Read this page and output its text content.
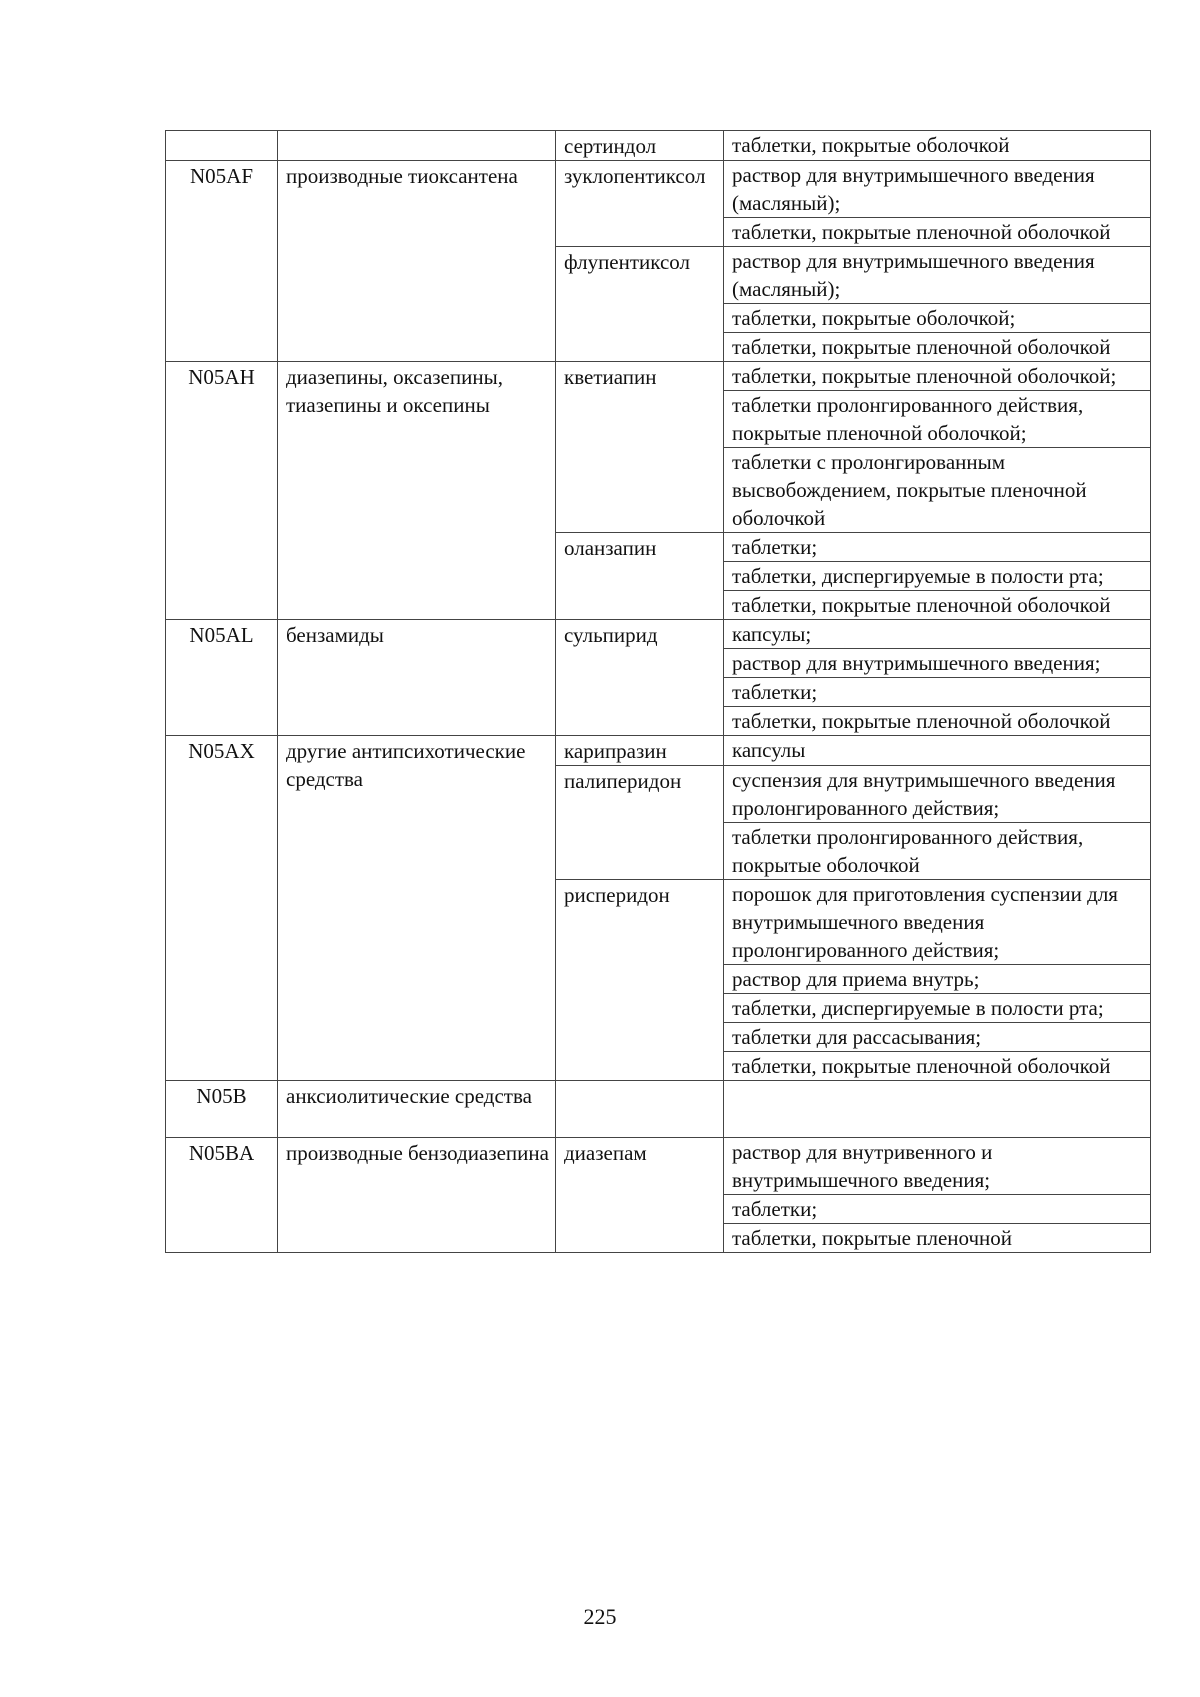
		сертиндол	таблетки, покрытые оболочкой

N05AF	производные тиоксантена	зуклопентиксол	раствор для внутримышечного введения (масляный);
таблетки, покрытые пленочной оболочкой

		флупентиксол	раствор для внутримышечного введения (масляный);
таблетки, покрытые оболочкой;
таблетки, покрытые пленочной оболочкой

N05AH	диазепины, оксазепины, тиазепины и оксепины	кветиапин	таблетки, покрытые пленочной оболочкой;
таблетки пролонгированного действия, покрытые пленочной оболочкой;
таблетки с пролонгированным высвобождением, покрытые пленочной оболочкой

		оланзапин	таблетки;
таблетки, диспергируемые в полости рта;
таблетки, покрытые пленочной оболочкой

N05AL	бензамиды	сульпирид	капсулы;
раствор для внутримышечного введения;
таблетки;
таблетки, покрытые пленочной оболочкой

N05AX	другие антипсихотические средства	карипразин	капсулы

		палиперидон	суспензия для внутримышечного введения пролонгированного действия;
таблетки пролонгированного действия, покрытые оболочкой

		рисперидон	порошок для приготовления суспензии для внутримышечного введения пролонгированного действия;
раствор для приема внутрь;
таблетки, диспергируемые в полости рта;
таблетки для рассасывания;
таблетки, покрытые пленочной оболочкой

N05B	анксиолитические средства		

N05BA	производные бензодиазепина	диазепам	раствор для внутривенного и внутримышечного введения;
таблетки;
таблетки, покрытые пленочной
225
